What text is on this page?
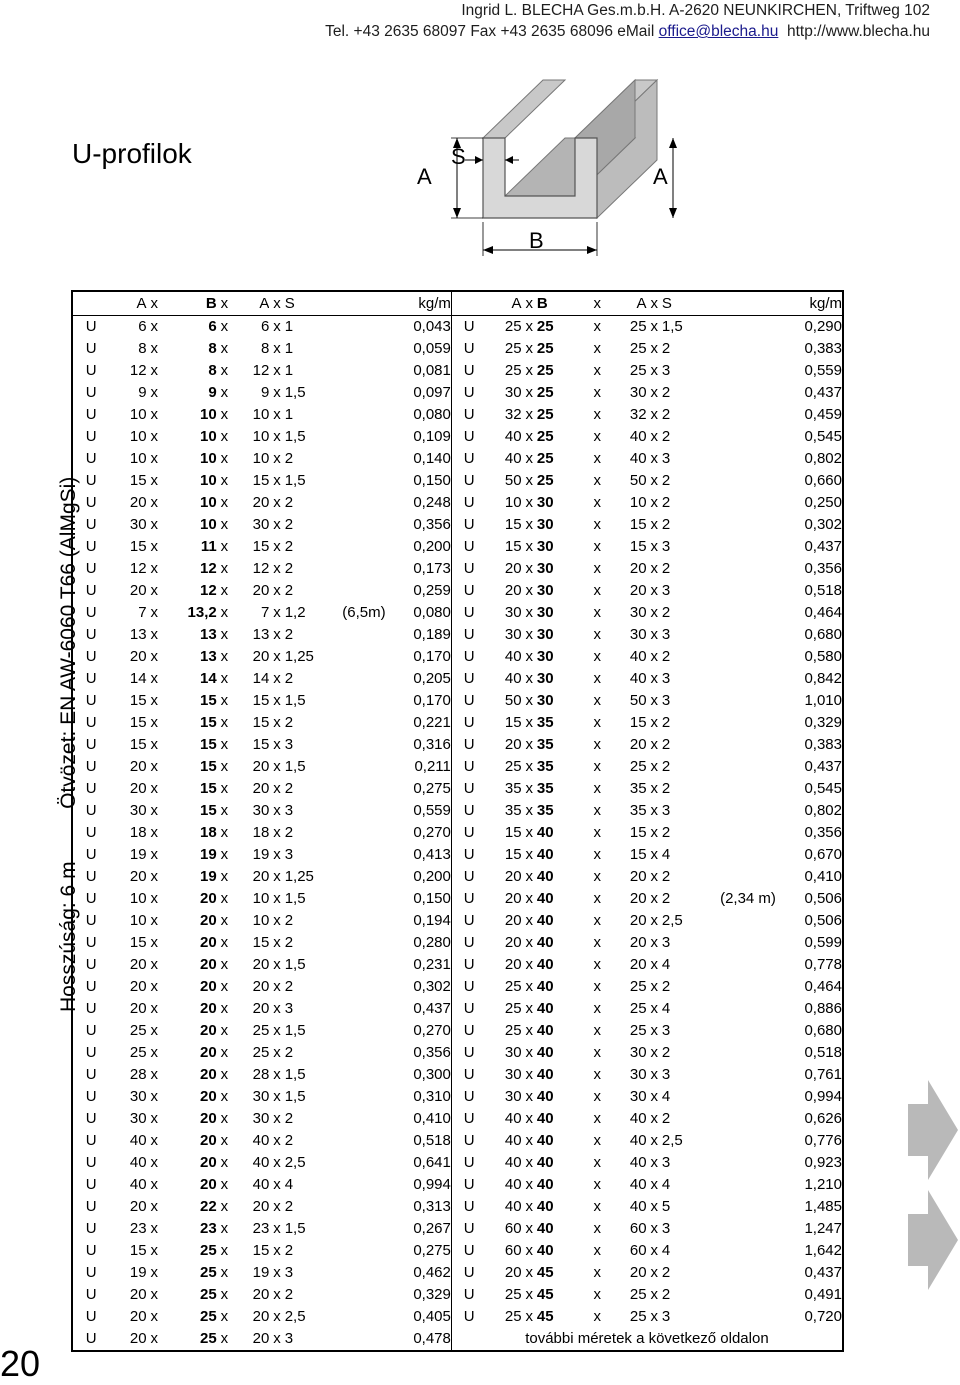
Ingrid L. BLECHA Ges.m.b.H. A-2620 NEUNKIRCHEN, Triftweg 102
Tel. +43 2635 68097 Fax +43 2635 68096 eMail office@blecha.hu http://www.blecha.hu
U-profilok
A
S
A
B
Hosszúság: 6 m         Ötvözet: EN AW-6060 T66 (AlMgSi)
20
	A	x	B	x	A	x	S		kg/m		A	x	B	x	A	x	S		kg/m
U	6	x	6	x	6	x	1		0,043	U	25	x	25	x	25	x	1,5		0,290
U	8	x	8	x	8	x	1		0,059	U	25	x	25	x	25	x	2		0,383
U	12	x	8	x	12	x	1		0,081	U	25	x	25	x	25	x	3		0,559
U	9	x	9	x	9	x	1,5		0,097	U	30	x	25	x	30	x	2		0,437
U	10	x	10	x	10	x	1		0,080	U	32	x	25	x	32	x	2		0,459
U	10	x	10	x	10	x	1,5		0,109	U	40	x	25	x	40	x	2		0,545
U	10	x	10	x	10	x	2		0,140	U	40	x	25	x	40	x	3		0,802
U	15	x	10	x	15	x	1,5		0,150	U	50	x	25	x	50	x	2		0,660
U	20	x	10	x	20	x	2		0,248	U	10	x	30	x	10	x	2		0,250
U	30	x	10	x	30	x	2		0,356	U	15	x	30	x	15	x	2		0,302
U	15	x	11	x	15	x	2		0,200	U	15	x	30	x	15	x	3		0,437
U	12	x	12	x	12	x	2		0,173	U	20	x	30	x	20	x	2		0,356
U	20	x	12	x	20	x	2		0,259	U	20	x	30	x	20	x	3		0,518
U	7	x	13,2	x	7	x	1,2	(6,5m)	0,080	U	30	x	30	x	30	x	2		0,464
U	13	x	13	x	13	x	2		0,189	U	30	x	30	x	30	x	3		0,680
U	20	x	13	x	20	x	1,25		0,170	U	40	x	30	x	40	x	2		0,580
U	14	x	14	x	14	x	2		0,205	U	40	x	30	x	40	x	3		0,842
U	15	x	15	x	15	x	1,5		0,170	U	50	x	30	x	50	x	3		1,010
U	15	x	15	x	15	x	2		0,221	U	15	x	35	x	15	x	2		0,329
U	15	x	15	x	15	x	3		0,316	U	20	x	35	x	20	x	2		0,383
U	20	x	15	x	20	x	1,5		0,211	U	25	x	35	x	25	x	2		0,437
U	20	x	15	x	20	x	2		0,275	U	35	x	35	x	35	x	2		0,545
U	30	x	15	x	30	x	3		0,559	U	35	x	35	x	35	x	3		0,802
U	18	x	18	x	18	x	2		0,270	U	15	x	40	x	15	x	2		0,356
U	19	x	19	x	19	x	3		0,413	U	15	x	40	x	15	x	4		0,670
U	20	x	19	x	20	x	1,25		0,200	U	20	x	40	x	20	x	2		0,410
U	10	x	20	x	10	x	1,5		0,150	U	20	x	40	x	20	x	2	(2,34 m)	0,506
U	10	x	20	x	10	x	2		0,194	U	20	x	40	x	20	x	2,5		0,506
U	15	x	20	x	15	x	2		0,280	U	20	x	40	x	20	x	3		0,599
U	20	x	20	x	20	x	1,5		0,231	U	20	x	40	x	20	x	4		0,778
U	20	x	20	x	20	x	2		0,302	U	25	x	40	x	25	x	2		0,464
U	20	x	20	x	20	x	3		0,437	U	25	x	40	x	25	x	4		0,886
U	25	x	20	x	25	x	1,5		0,270	U	25	x	40	x	25	x	3		0,680
U	25	x	20	x	25	x	2		0,356	U	30	x	40	x	30	x	2		0,518
U	28	x	20	x	28	x	1,5		0,300	U	30	x	40	x	30	x	3		0,761
U	30	x	20	x	30	x	1,5		0,310	U	30	x	40	x	30	x	4		0,994
U	30	x	20	x	30	x	2		0,410	U	40	x	40	x	40	x	2		0,626
U	40	x	20	x	40	x	2		0,518	U	40	x	40	x	40	x	2,5		0,776
U	40	x	20	x	40	x	2,5		0,641	U	40	x	40	x	40	x	3		0,923
U	40	x	20	x	40	x	4		0,994	U	40	x	40	x	40	x	4		1,210
U	20	x	22	x	20	x	2		0,313	U	40	x	40	x	40	x	5		1,485
U	23	x	23	x	23	x	1,5		0,267	U	60	x	40	x	60	x	3		1,247
U	15	x	25	x	15	x	2		0,275	U	60	x	40	x	60	x	4		1,642
U	19	x	25	x	19	x	3		0,462	U	20	x	45	x	20	x	2		0,437
U	20	x	25	x	20	x	2		0,329	U	25	x	45	x	25	x	2		0,491
U	20	x	25	x	20	x	2,5		0,405	U	25	x	45	x	25	x	3		0,720
U	20	x	25	x	20	x	3		0,478	további méretek a következő oldalon									
